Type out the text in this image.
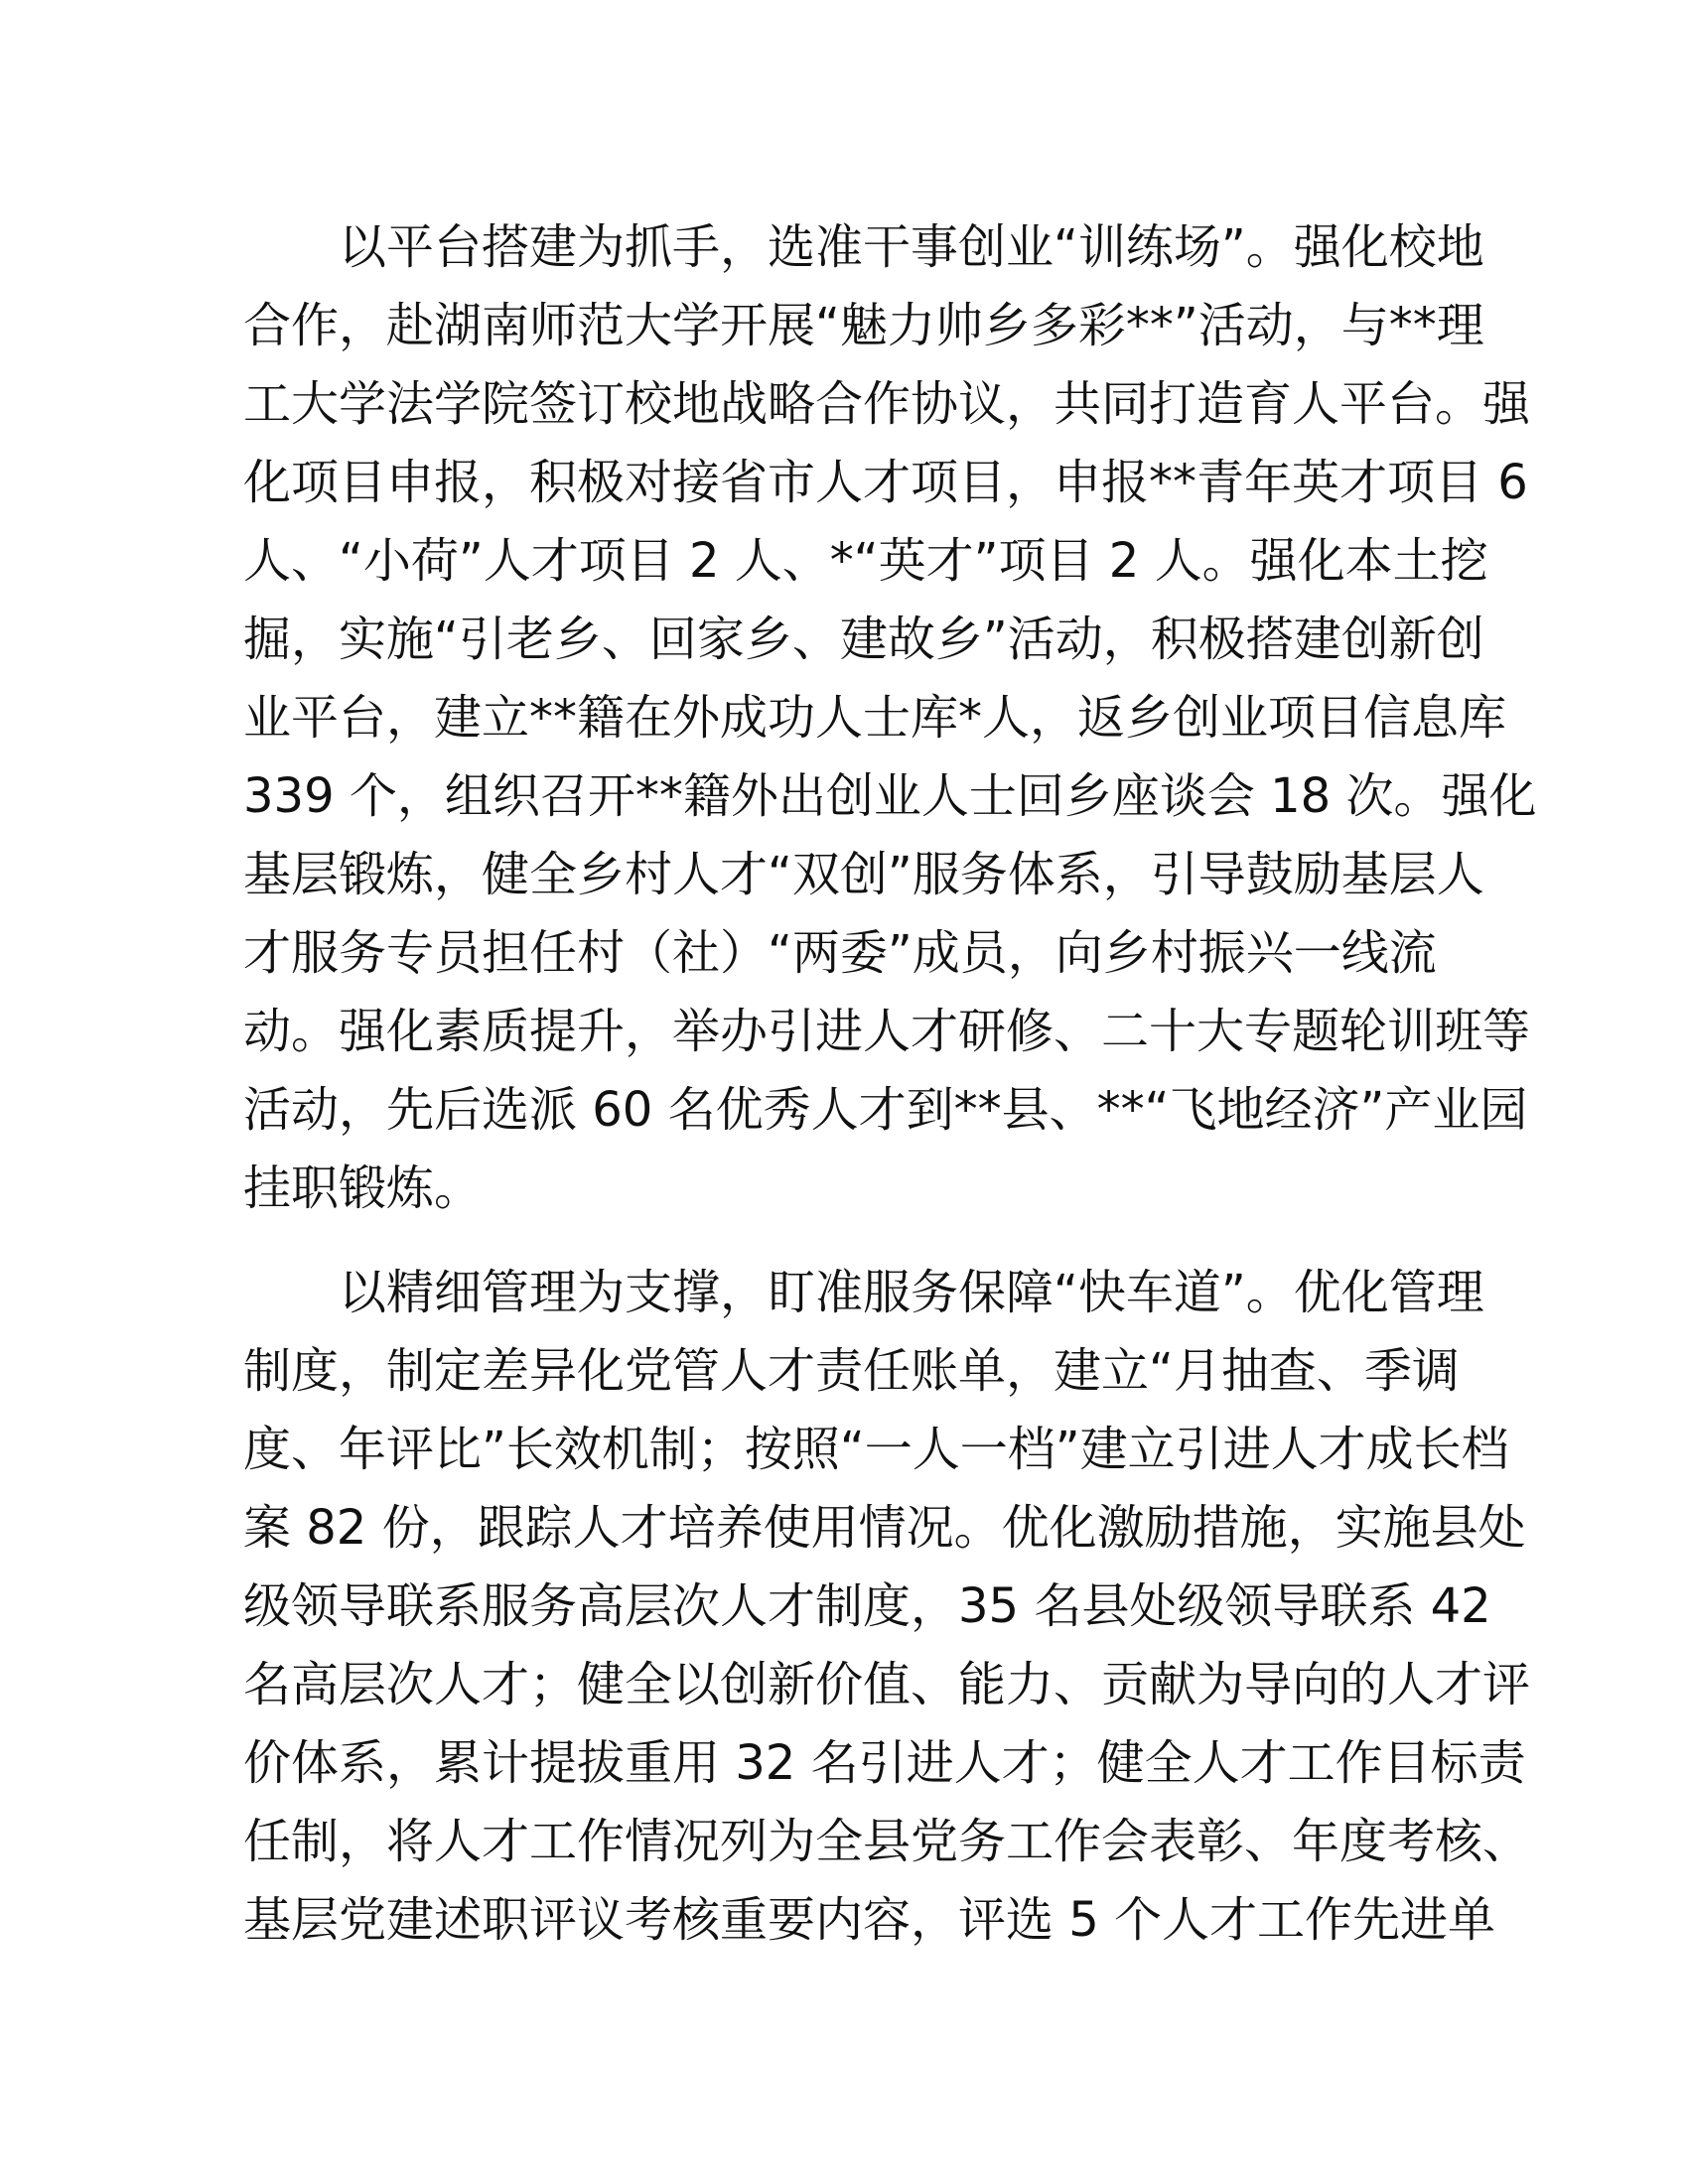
以平台搭建为抓手，选准干事创业“训练场”。强化校地
合作，赴湖南师范大学开展“魅力帅乡多彩**”活动，与**理
工大学法学院签订校地战略合作协议，共同打造育人平台。强
化项目申报，积极对接省市人才项目，申报**青年英才项目 6
人、“小荷”人才项目 2 人、*“英才”项目 2 人。强化本土挖
掘，实施“引老乡、回家乡、建故乡”活动，积极搭建创新创
业平台，建立**籍在外成功人士库*人，返乡创业项目信息库
339 个，组织召开**籍外出创业人士回乡座谈会 18 次。强化
基层锻炼，健全乡村人才“双创”服务体系，引导鼓励基层人
才服务专员担任村（社）“两委”成员，向乡村振兴一线流
动。强化素质提升，举办引进人才研修、二十大专题轮训班等
活动，先后选派 60 名优秀人才到**县、**“飞地经济”产业园
挂职锻炼。
以精细管理为支撑，盯准服务保障“快车道”。优化管理
制度，制定差异化党管人才责任账单，建立“月抽查、季调
度、年评比”长效机制；按照“一人一档”建立引进人才成长档
案 82 份，跟踪人才培养使用情况。优化激励措施，实施县处
级领导联系服务高层次人才制度，35 名县处级领导联系 42
名高层次人才；健全以创新价值、能力、贡献为导向的人才评
价体系，累计提拔重用 32 名引进人才；健全人才工作目标责
任制，将人才工作情况列为全县党务工作会表彰、年度考核、
基层党建述职评议考核重要内容，评选 5 个人才工作先进单
